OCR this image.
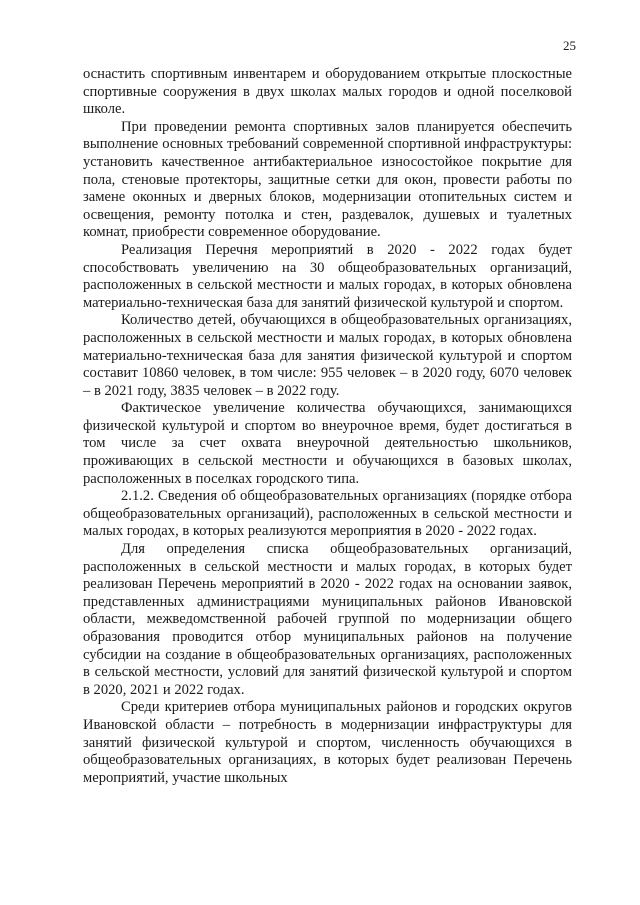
25

оснастить спортивным инвентарем и оборудованием открытые плоскостные спортивные сооружения в двух школах малых городов и одной поселковой школе.

При проведении ремонта спортивных залов планируется обеспечить выполнение основных требований современной спортивной инфраструктуры: установить качественное антибактериальное износостойкое покрытие для пола, стеновые протекторы, защитные сетки для окон, провести работы по замене оконных и дверных блоков, модернизации отопительных систем и освещения, ремонту потолка и стен, раздевалок, душевых и туалетных комнат, приобрести современное оборудование.

Реализация Перечня мероприятий в 2020 - 2022 годах будет способствовать увеличению на 30 общеобразовательных организаций, расположенных в сельской местности и малых городах, в которых обновлена материально-техническая база для занятий физической культурой и спортом.

Количество детей, обучающихся в общеобразовательных организациях, расположенных в сельской местности и малых городах, в которых обновлена материально-техническая база для занятия физической культурой и спортом составит 10860 человек, в том числе: 955 человек – в 2020 году, 6070 человек – в 2021 году, 3835 человек – в 2022 году.

Фактическое увеличение количества обучающихся, занимающихся физической культурой и спортом во внеурочное время, будет достигаться в том числе за счет охвата внеурочной деятельностью школьников, проживающих в сельской местности и обучающихся в базовых школах, расположенных в поселках городского типа.

2.1.2. Сведения об общеобразовательных организациях (порядке отбора общеобразовательных организаций), расположенных в сельской местности и малых городах, в которых реализуются мероприятия в 2020 - 2022 годах.

Для определения списка общеобразовательных организаций, расположенных в сельской местности и малых городах, в которых будет реализован Перечень мероприятий в 2020 - 2022 годах на основании заявок, представленных администрациями муниципальных районов Ивановской области, межведомственной рабочей группой по модернизации общего образования проводится отбор муниципальных районов на получение субсидии на создание в общеобразовательных организациях, расположенных в сельской местности, условий для занятий физической культурой и спортом в 2020, 2021 и 2022 годах.

Среди критериев отбора муниципальных районов и городских округов Ивановской области – потребность в модернизации инфраструктуры для занятий физической культурой и спортом, численность обучающихся в общеобразовательных организациях, в которых будет реализован Перечень мероприятий, участие школьных
